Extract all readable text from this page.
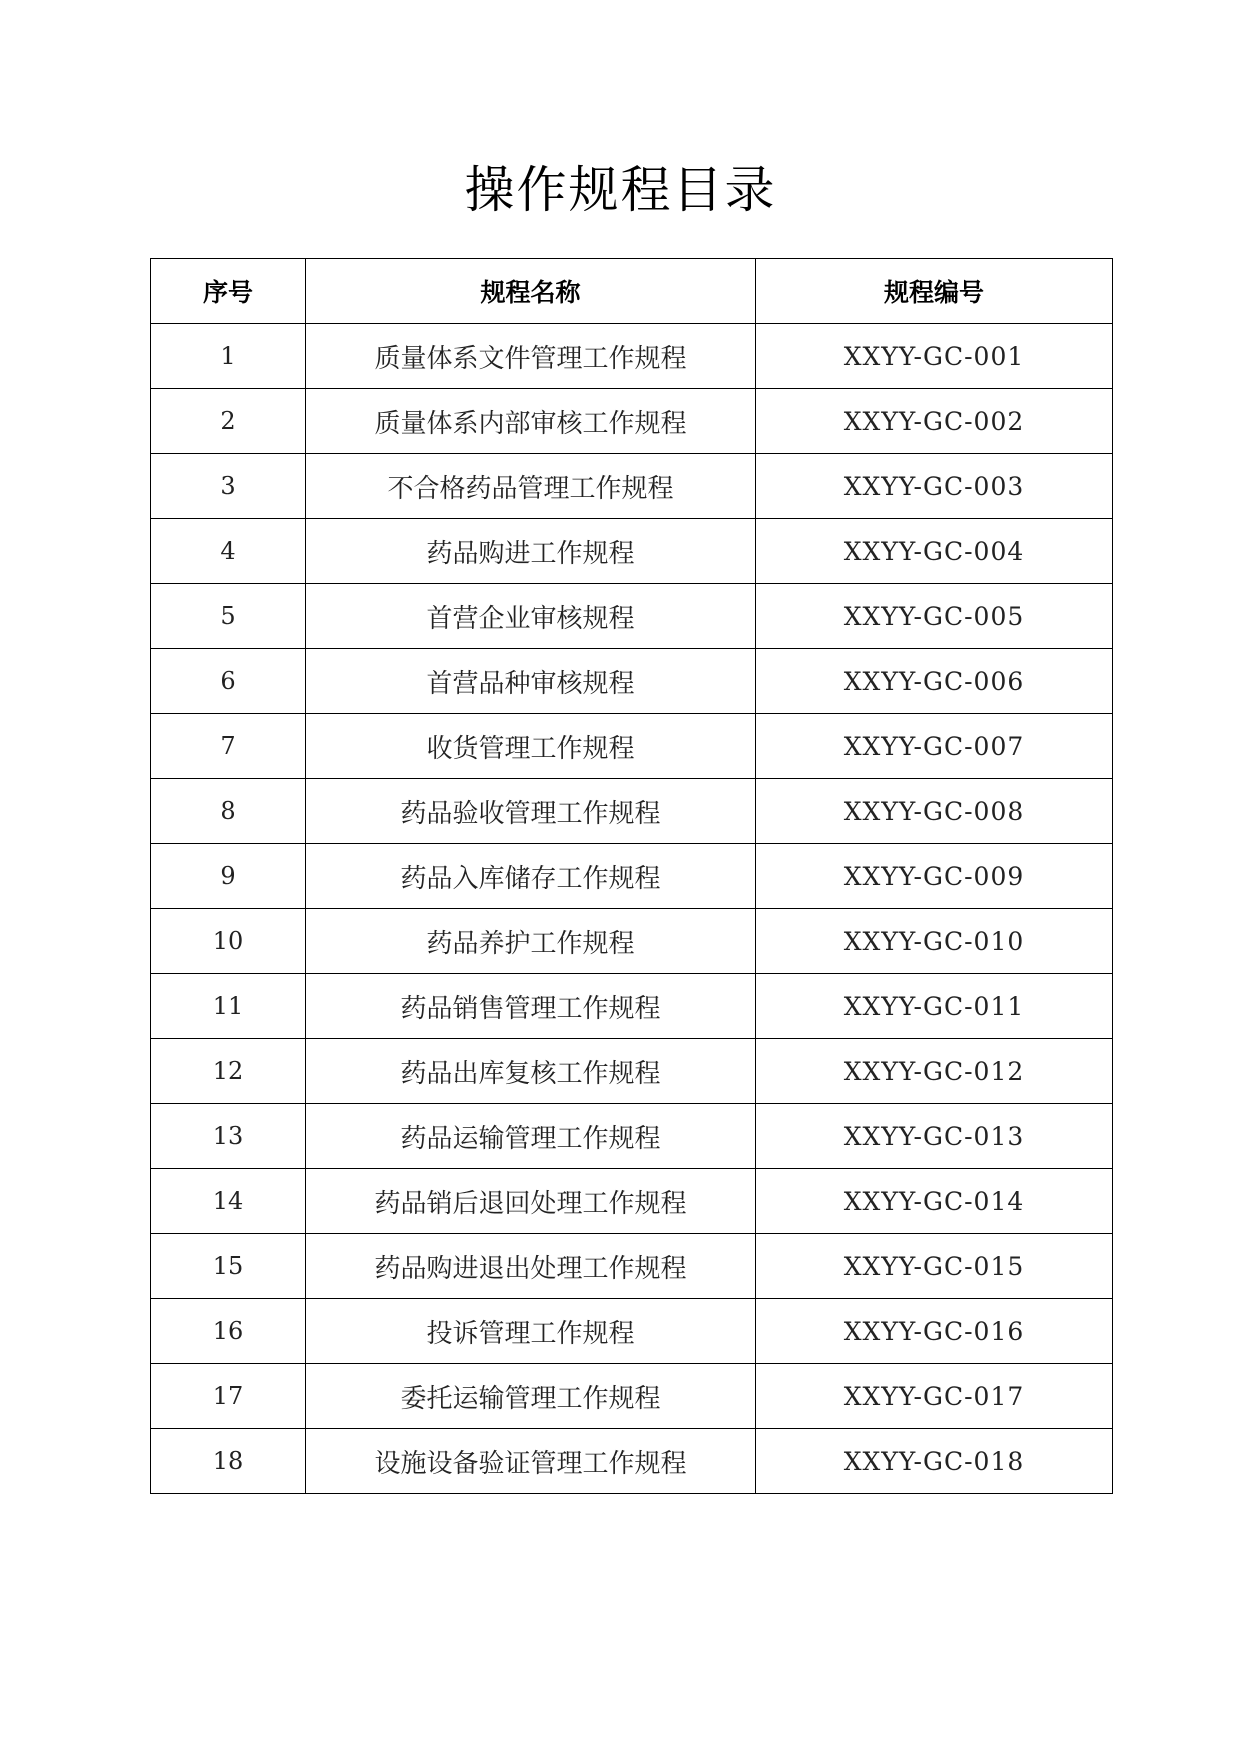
操作规程目录
序号	规程名称	规程编号
1	质量体系文件管理工作规程	XXYY-GC-001
2	质量体系内部审核工作规程	XXYY-GC-002
3	不合格药品管理工作规程	XXYY-GC-003
4	药品购进工作规程	XXYY-GC-004
5	首营企业审核规程	XXYY-GC-005
6	首营品种审核规程	XXYY-GC-006
7	收货管理工作规程	XXYY-GC-007
8	药品验收管理工作规程	XXYY-GC-008
9	药品入库储存工作规程	XXYY-GC-009
10	药品养护工作规程	XXYY-GC-010
11	药品销售管理工作规程	XXYY-GC-011
12	药品出库复核工作规程	XXYY-GC-012
13	药品运输管理工作规程	XXYY-GC-013
14	药品销后退回处理工作规程	XXYY-GC-014
15	药品购进退出处理工作规程	XXYY-GC-015
16	投诉管理工作规程	XXYY-GC-016
17	委托运输管理工作规程	XXYY-GC-017
18	设施设备验证管理工作规程	XXYY-GC-018
